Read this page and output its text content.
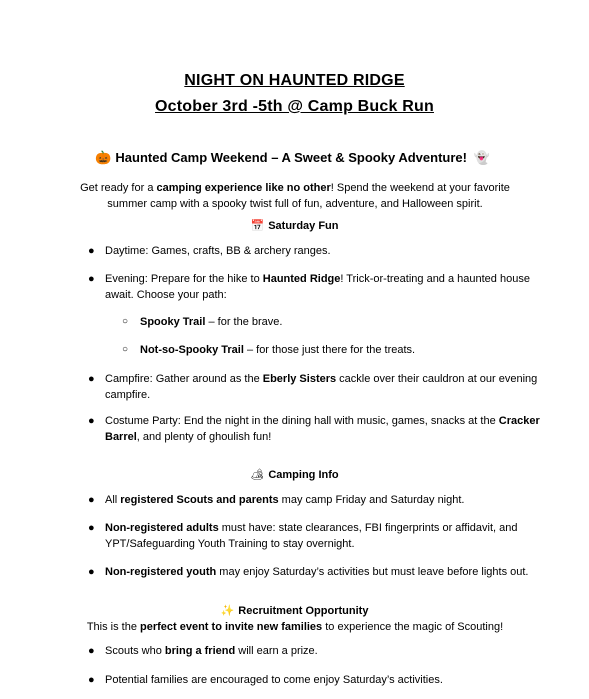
NIGHT ON HAUNTED RIDGE
October 3rd -5th @ Camp Buck Run
🎃 Haunted Camp Weekend – A Sweet & Spooky Adventure! 👻
Get ready for a camping experience like no other! Spend the weekend at your favorite summer camp with a spooky twist full of fun, adventure, and Halloween spirit.
📅 Saturday Fun
● Daytime: Games, crafts, BB & archery ranges.
● Evening: Prepare for the hike to Haunted Ridge! Trick-or-treating and a haunted house await. Choose your path:
○ Spooky Trail – for the brave.
○ Not-so-Spooky Trail – for those just there for the treats.
● Campfire: Gather around as the Eberly Sisters cackle over their cauldron at our evening campfire.
● Costume Party: End the night in the dining hall with music, games, snacks at the Cracker Barrel, and plenty of ghoulish fun!
🏕 Camping Info
● All registered Scouts and parents may camp Friday and Saturday night.
● Non-registered adults must have: state clearances, FBI fingerprints or affidavit, and YPT/Safeguarding Youth Training to stay overnight.
● Non-registered youth may enjoy Saturday’s activities but must leave before lights out.
✨ Recruitment Opportunity
This is the perfect event to invite new families to experience the magic of Scouting!
● Scouts who bring a friend will earn a prize.
● Potential families are encouraged to come enjoy Saturday’s activities.
